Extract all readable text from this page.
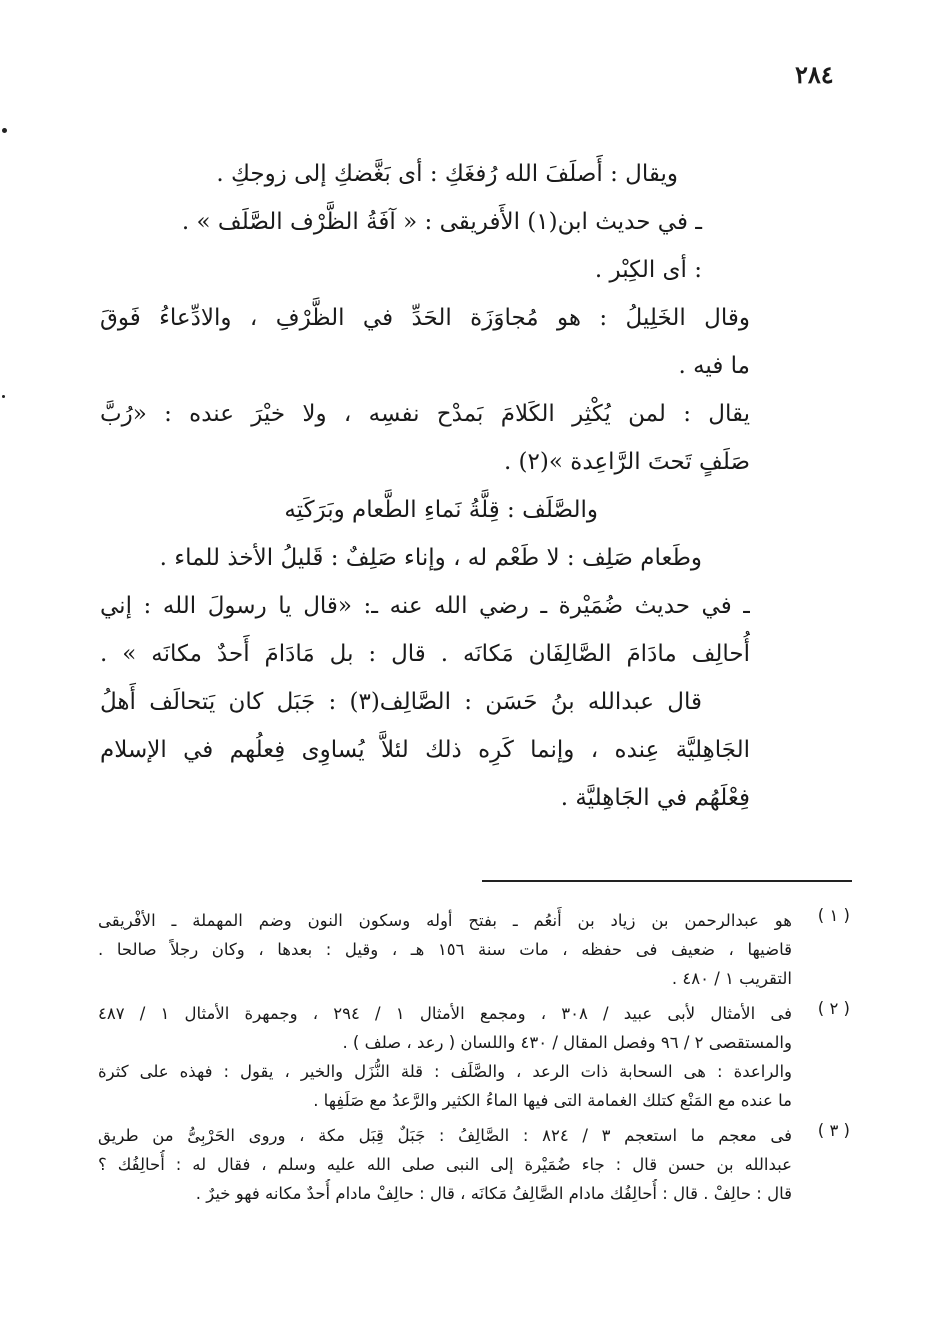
٢٨٤
ويقال : أَصلَفَ الله رُفغَكِ : أى بَغَّضكِ إلى زوجكِ .
ـ في حديث ابن(١) الأَفريقى : « آفَةُ الظَّرْف الصَّلَف » .
: أى الكِبْر .
وقال الخَلِيلُ : هو مُجاوَزَة الحَدِّ في الظَّرْفِ ، والادِّعاءُ فَوقَ
ما فيه .
يقال : لمن يُكْثِر الكَلامَ بَمدْح نفسِه ، ولا خيْرَ عنده : «رُبَّ
صَلَفٍ تَحتَ الرَّاعِدة »(٢) .
والصَّلَف : قِلَّةُ نَماءِ الطَّعام وبَرَكَتِه
وطَعام صَلِف : لا طَعْم له ، وإناء صَلِفٌ : قَليلُ الأخذ للماء .
ـ في حديث ضُمَيْرة ـ رضي الله عنه ـ: «قال يا رسولَ الله : إني
أُحالِف مادَامَ الصَّالِفَان مَكانَه . قال : بل مَادَامَ أَحدٌ مكانَه » .
قال عبدالله بنُ حَسَن : الصَّالِف(٣) : جَبَل كان يَتحالَف أَهلُ
الجَاهِليَّة عِنده ، وإنما كَرِه ذلك لئلاَّ يُساوِى فِعلُهم في الإسلام
فِعْلَهُم في الجَاهِليَّة .
( ١ )
هو عبدالرحمن بن زياد بن أَنعُم ـ بفتح أوله وسكون النون وضم المهملة ـ الأفْريقى
قاضيها ، ضعيف فى حفظه ، مات سنة ١٥٦ هـ ، وقيل : بعدها ، وكان رجلاً صالحا .
التقريب ١ / ٤٨٠ .
( ٢ )
فى الأمثال لأبى عبيد / ٣٠٨ ، ومجمع الأمثال ١ / ٢٩٤ ، وجمهرة الأمثال ١ / ٤٨٧
والمستقصى ٢ / ٩٦ وفصل المقال / ٤٣٠ واللسان ( رعد ، صلف ) .
والراعدة : هى السحابة ذات الرعد ، والصَّلَف : قلة النُّزَل والخير ، يقول : فهذه على كثرة
ما عنده مع المَنْع كتلك الغمامة التى فيها الماءُ الكثير والرَّعدُ مع صَلَفِها .
( ٣ )
فى معجم ما استعجم ٣ / ٨٢٤ : الصَّالِفُ : جَبَلٌ قِبَل مكة ، وروى الحَرْبِىُّ من طريق
عبدالله بن حسن قال : جاء ضُمَيْرة إلى النبى صلى الله عليه وسلم ، فقال له : أُحالِفُك ؟
قال : حالِفْ . قال : أُحالِفُك مادام الصَّالِفُ مَكانَه ، قال : حالِفْ مادام أُحدٌ مكانه فهو خيرٌ .
